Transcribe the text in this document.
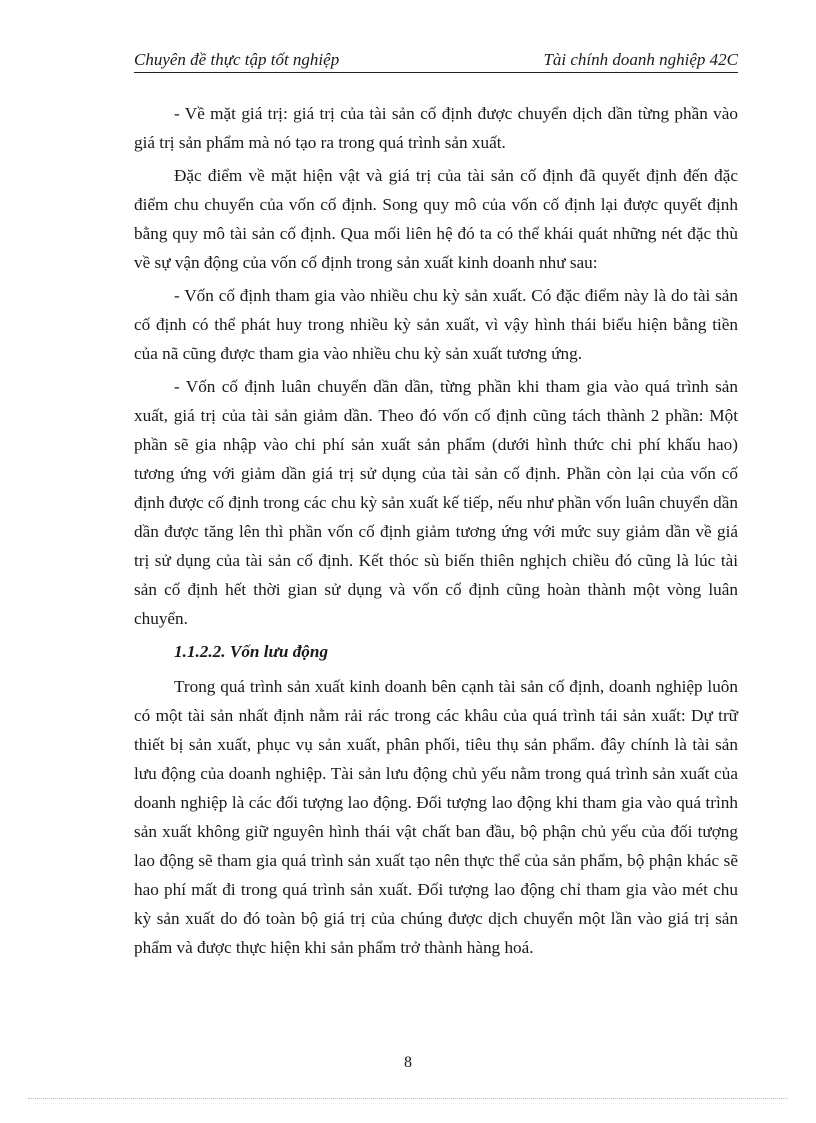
Chuyên đề thực tập tốt nghiệp	Tài chính doanh nghiệp 42C

- Về mặt giá trị: giá trị của tài sản cố định được chuyển dịch dần từng phần vào giá trị sản phẩm mà nó tạo ra trong quá trình sản xuất.

Đặc điểm về mặt hiện vật và giá trị của tài sản cố định đã quyết định đến đặc điểm chu chuyển của vốn cố định. Song quy mô của vốn cố định lại được quyết định bằng quy mô tài sản cố định. Qua mối liên hệ đó ta có thể khái quát những nét đặc thù về sự vận động của vốn cố định trong sản xuất kinh doanh như sau:

- Vốn cố định tham gia vào nhiều chu kỳ sản xuất. Có đặc điểm này là do tài sản cố định có thể phát huy trong nhiều kỳ sản xuất, vì vậy hình thái biểu hiện bằng tiền của nã cũng được tham gia vào nhiều chu kỳ sản xuất tương ứng.

- Vốn cố định luân chuyển dần dần, từng phần khi tham gia vào quá trình sản xuất, giá trị của tài sản giảm dần. Theo đó vốn cố định cũng tách thành 2 phần: Một phần sẽ gia nhập vào chi phí sản xuất sản phẩm (dưới hình thức chi phí khấu hao) tương ứng với giảm dần giá trị sử dụng của tài sản cố định. Phần còn lại của vốn cố định được cố định trong các chu kỳ sản xuất kế tiếp, nếu như phần vốn luân chuyển dần dần được tăng lên thì phần vốn cố định giảm tương ứng với mức suy giảm dần về giá trị sử dụng của tài sản cố định. Kết thóc sù biến thiên nghịch chiều đó cũng là lúc tài sản cố định hết thời gian sử dụng và vốn cố định cũng hoàn thành một vòng luân chuyển.

1.1.2.2. Vốn lưu động

Trong quá trình sản xuất kinh doanh bên cạnh tài sản cố định, doanh nghiệp luôn có một tài sản nhất định nằm rải rác trong các khâu của quá trình tái sản xuất: Dự trữ thiết bị sản xuất, phục vụ sản xuất, phân phối, tiêu thụ sản phẩm. đây chính là tài sản lưu động của doanh nghiệp. Tài sản lưu động chủ yếu nằm trong quá trình sản xuất của doanh nghiệp là các đối tượng lao động. Đối tượng lao động khi tham gia vào quá trình sản xuất không giữ nguyên hình thái vật chất ban đầu, bộ phận chủ yếu của đối tượng lao động sẽ tham gia quá trình sản xuất tạo nên thực thể của sản phẩm, bộ phận khác sẽ hao phí mất đi trong quá trình sản xuất. Đối tượng lao động chỉ tham gia vào mét chu kỳ sản xuất do đó toàn bộ giá trị của chúng được dịch chuyển một lần vào giá trị sản phẩm và được thực hiện khi sản phẩm trở thành hàng hoá.

8
